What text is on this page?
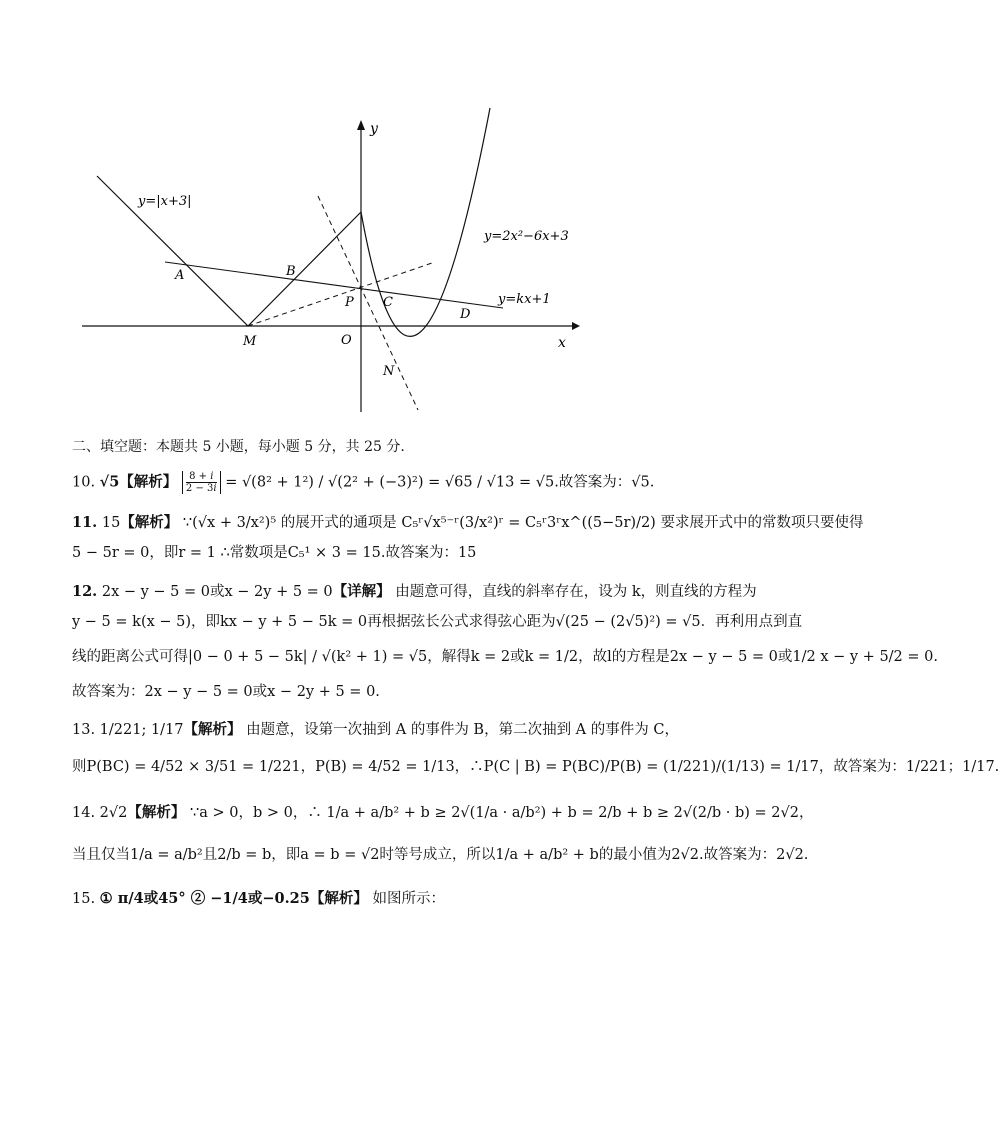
y
x
y=|x+3|
y=2x²−6x+3
y=kx+1
A	B
P C
D
M	O
N
二、填空题：本题共 5 小题，每小题 5 分，共 25 分.
10. √5【解析】 $\frac{8 + i}{2 - 3i} = √(8^2 + 1^2) / √(2^2 + (-3)^2) = √65 / √13 = √5$.故答案为：√5.
11. 15【解析】 ∵(√x + 3/x²)⁵ 的展开式的通项是 C₅ʳ√x⁵⁻ʳ(3/x²)ʳ = C₅ʳ3ʳx^((5−5r)/2) 要求展开式中的常数项只要使得
5 − 5r = 0，即r = 1 ∴常数项是C₅¹ × 3 = 15.故答案为：15
12. 2x − y − 5 = 0或x − 2y + 5 = 0【详解】 由题意可得，直线的斜率存在，设为 k，则直线的方程为
y − 5 = k(x − 5)，即kx − y + 5 − 5k = 0再根据弦长公式求得弦心距为√(25 − (2√5)²) = √5．再利用点到直
线的距离公式可得|0 − 0 + 5 − 5k| / √(k² + 1) = √5，解得k = 2或k = 1/2，故l的方程是2x − y − 5 = 0或1/2 x − y + 5/2 = 0.
故答案为：2x − y − 5 = 0或x − 2y + 5 = 0.
13. 1/221; 1/17【解析】 由题意，设第一次抽到 A 的事件为 B，第二次抽到 A 的事件为 C，
则P(BC) = 4/52 × 3/51 = 1/221，P(B) = 4/52 = 1/13，∴P(C | B) = P(BC)/P(B) = (1/221)/(1/13) = 1/17，故答案为：1/221；1/17.
14. 2√2【解析】 ∵a > 0，b > 0，∴ 1/a + a/b² + b ≥ 2√(1/a · a/b²) + b = 2/b + b ≥ 2√(2/b · b) = 2√2，
当且仅当1/a = a/b²且2/b = b，即a = b = √2时等号成立，所以1/a + a/b² + b的最小值为2√2.故答案为：2√2.
15. ① π/4或45° ② −1/4或−0.25【解析】 如图所示：
